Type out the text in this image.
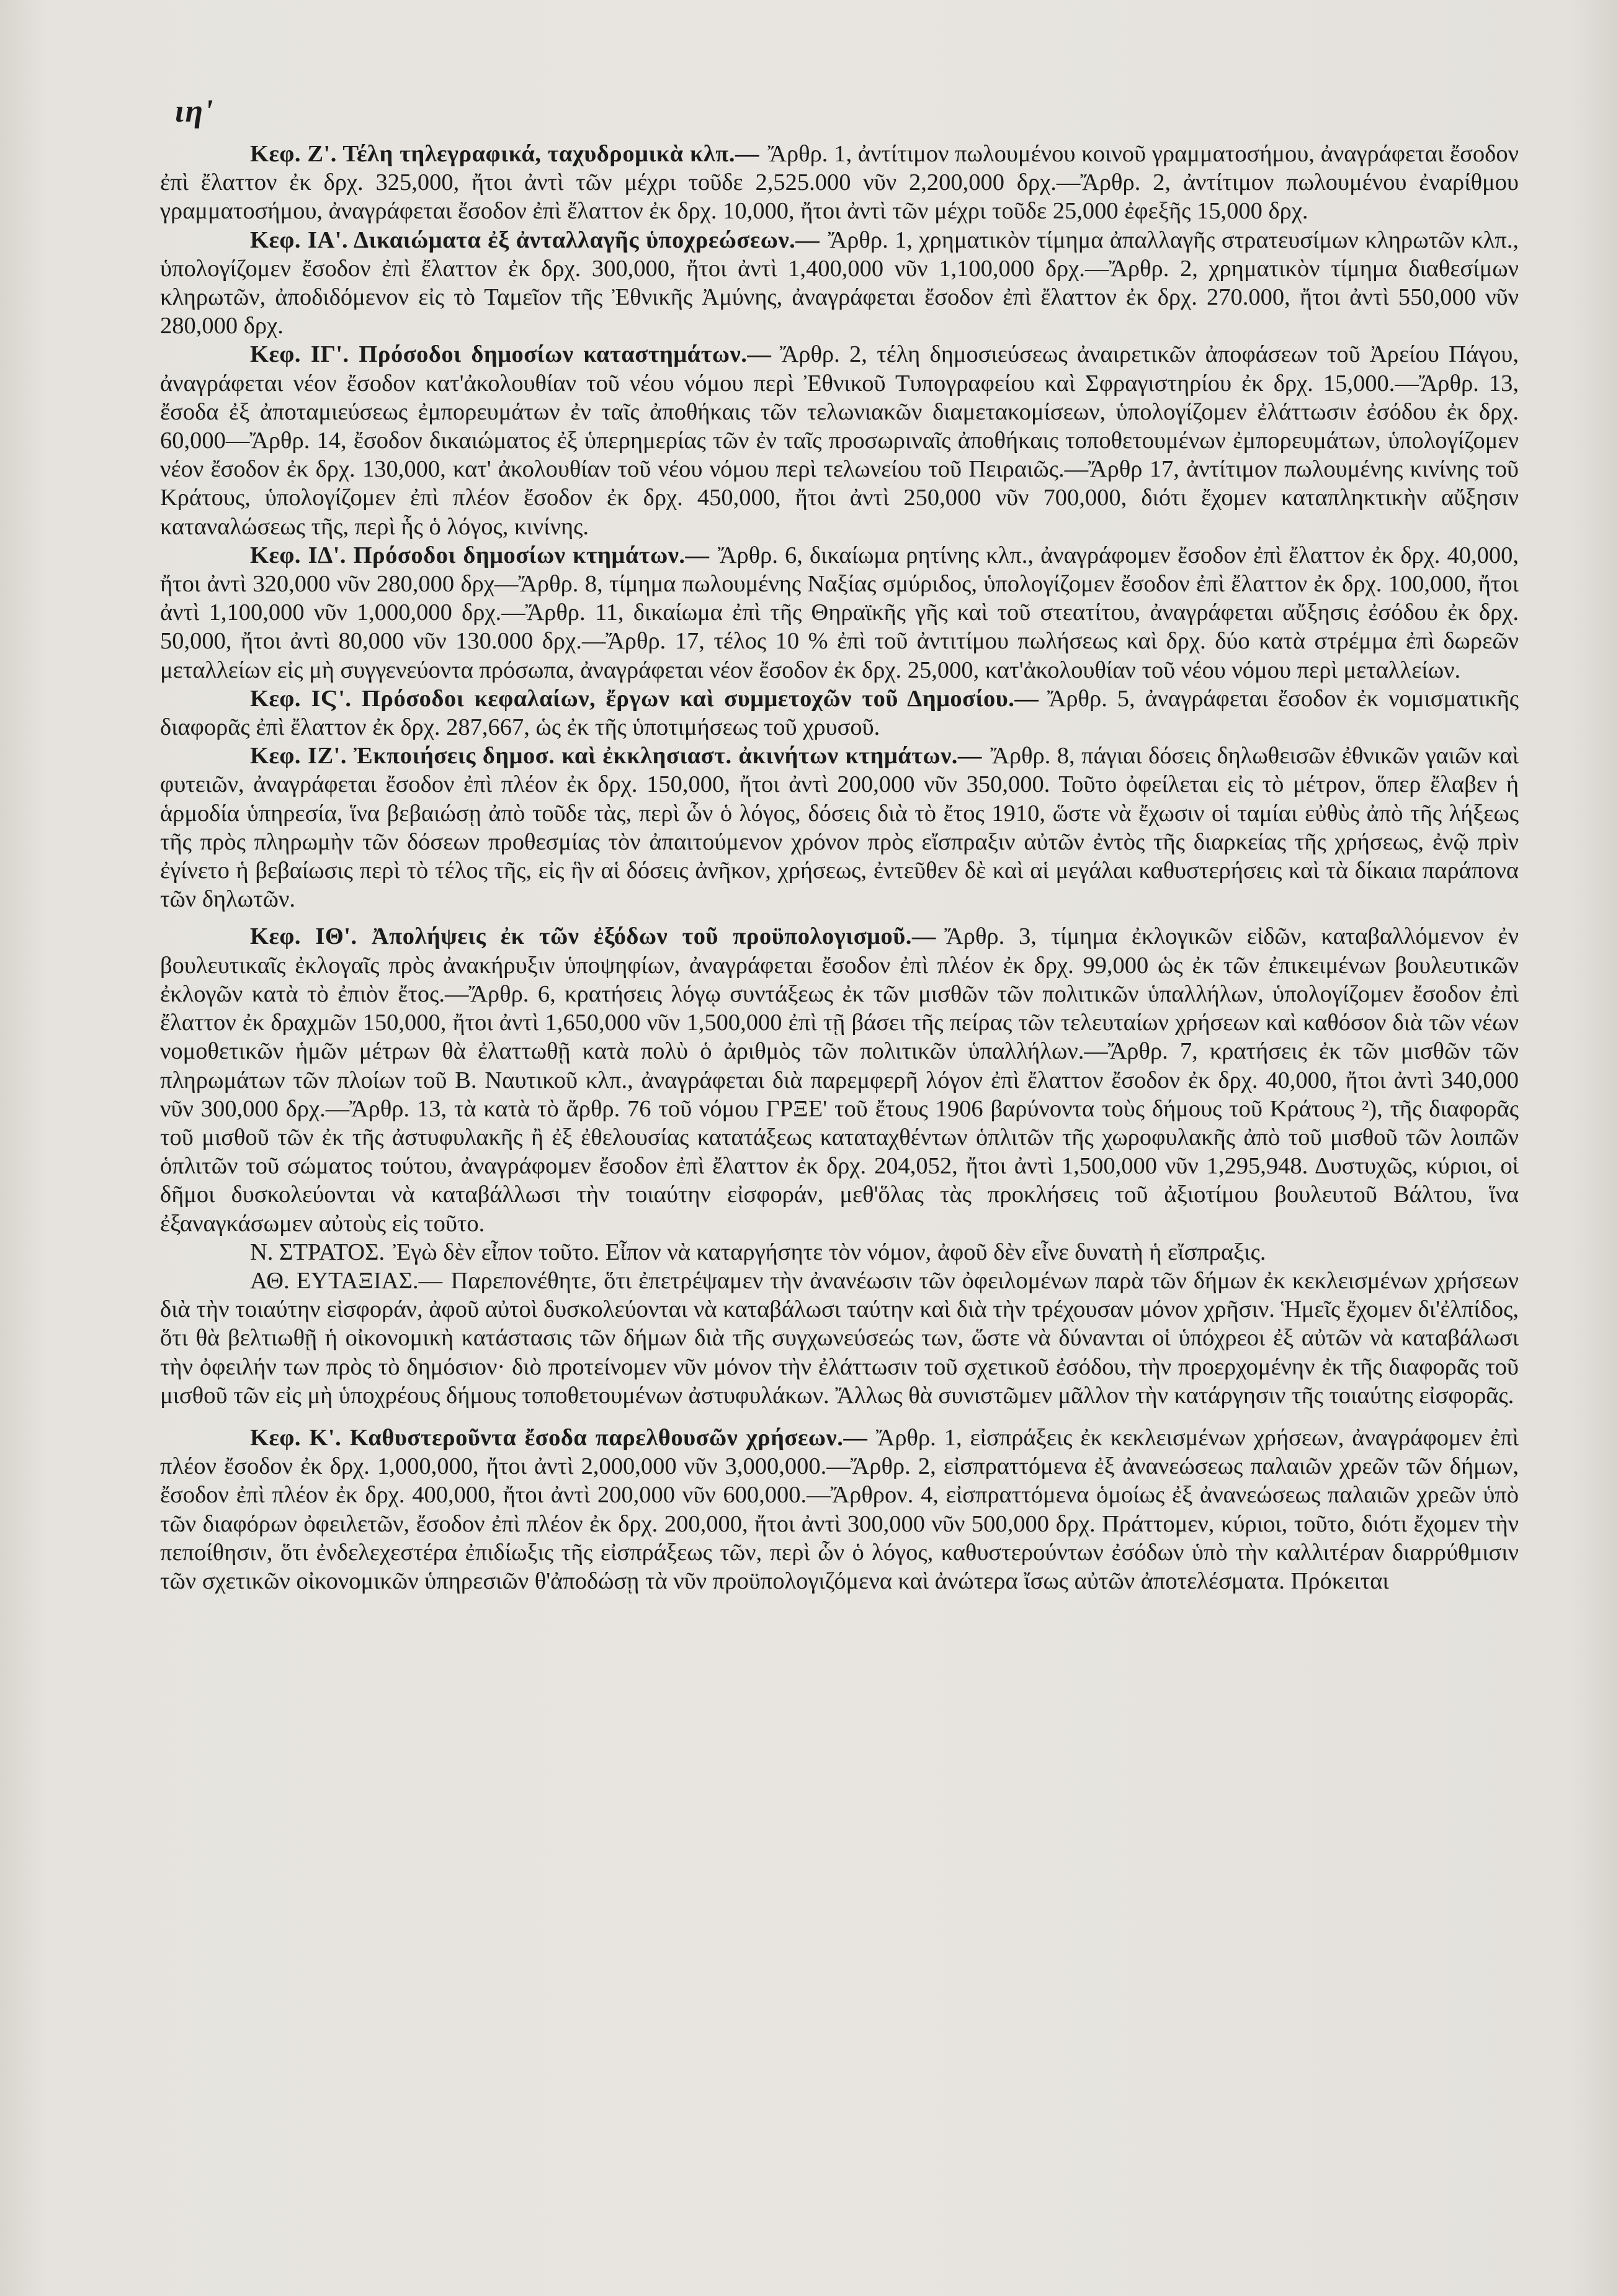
ιη'

Κεφ. Ζ'. Τέλη τηλεγραφικά, ταχυδρομικὰ κλπ.— Ἄρθρ. 1, ἀντίτιμον πωλουμένου κοινοῦ γραμματοσήμου, ἀναγράφεται ἔσοδον ἐπὶ ἔλαττον ἐκ δρχ. 325,000, ἤτοι ἀντὶ τῶν μέχρι τοῦδε 2,525.000 νῦν 2,200,000 δρχ.—Ἄρθρ. 2, ἀντίτιμον πωλουμένου ἐναρίθμου γραμματοσήμου, ἀναγράφεται ἔσοδον ἐπὶ ἔλαττον ἐκ δρχ. 10,000, ἤτοι ἀντὶ τῶν μέχρι τοῦδε 25,000 ἐφεξῆς 15,000 δρχ.

Κεφ. ΙΑ'. Δικαιώματα ἐξ ἀνταλλαγῆς ὑποχρεώσεων.— Ἄρθρ. 1, χρηματικὸν τίμημα ἀπαλλαγῆς στρατευσίμων κληρωτῶν κλπ., ὑπολογίζομεν ἔσοδον ἐπὶ ἔλαττον ἐκ δρχ. 300,000, ἤτοι ἀντὶ 1,400,000 νῦν 1,100,000 δρχ.—Ἄρθρ. 2, χρηματικὸν τίμημα διαθεσίμων κληρωτῶν, ἀποδιδόμενον εἰς τὸ Ταμεῖον τῆς Ἐθνικῆς Ἀμύνης, ἀναγράφεται ἔσοδον ἐπὶ ἔλαττον ἐκ δρχ. 270.000, ἤτοι ἀντὶ 550,000 νῦν 280,000 δρχ.

Κεφ. ΙΓ'. Πρόσοδοι δημοσίων καταστημάτων.— Ἄρθρ. 2, τέλη δημοσιεύσεως ἀναιρετικῶν ἀποφάσεων τοῦ Ἀρείου Πάγου, ἀναγράφεται νέον ἔσοδον κατ'ἀκολουθίαν τοῦ νέου νόμου περὶ Ἐθνικοῦ Τυπογραφείου καὶ Σφραγιστηρίου ἐκ δρχ. 15,000.—Ἄρθρ. 13, ἔσοδα ἐξ ἀποταμιεύσεως ἐμπορευμάτων ἐν ταῖς ἀποθήκαις τῶν τελωνιακῶν διαμετακομίσεων, ὑπολογίζομεν ἐλάττωσιν ἐσόδου ἐκ δρχ. 60,000—Ἄρθρ. 14, ἔσοδον δικαιώματος ἐξ ὑπερημερίας τῶν ἐν ταῖς προσωριναῖς ἀποθήκαις τοποθετουμένων ἐμπορευμάτων, ὑπολογίζομεν νέον ἔσοδον ἐκ δρχ. 130,000, κατ' ἀκολουθίαν τοῦ νέου νόμου περὶ τελωνείου τοῦ Πειραιῶς.—Ἄρθρ 17, ἀντίτιμον πωλουμένης κινίνης τοῦ Κράτους, ὑπολογίζομεν ἐπὶ πλέον ἔσοδον ἐκ δρχ. 450,000, ἤτοι ἀντὶ 250,000 νῦν 700,000, διότι ἔχομεν καταπληκτικὴν αὔξησιν καταναλώσεως τῆς, περὶ ἧς ὁ λόγος, κινίνης.

Κεφ. ΙΔ'. Πρόσοδοι δημοσίων κτημάτων.— Ἄρθρ. 6, δικαίωμα ρητίνης κλπ., ἀναγράφομεν ἔσοδον ἐπὶ ἔλαττον ἐκ δρχ. 40,000, ἤτοι ἀντὶ 320,000 νῦν 280,000 δρχ—Ἄρθρ. 8, τίμημα πωλουμένης Ναξίας σμύριδος, ὑπολογίζομεν ἔσοδον ἐπὶ ἔλαττον ἐκ δρχ. 100,000, ἤτοι ἀντὶ 1,100,000 νῦν 1,000,000 δρχ.—Ἄρθρ. 11, δικαίωμα ἐπὶ τῆς Θηραϊκῆς γῆς καὶ τοῦ στεατίτου, ἀναγράφεται αὔξησις ἐσόδου ἐκ δρχ. 50,000, ἤτοι ἀντὶ 80,000 νῦν 130.000 δρχ.—Ἄρθρ. 17, τέλος 10 % ἐπὶ τοῦ ἀντιτίμου πωλήσεως καὶ δρχ. δύο κατὰ στρέμμα ἐπὶ δωρεῶν μεταλλείων εἰς μὴ συγγενεύοντα πρόσωπα, ἀναγράφεται νέον ἔσοδον ἐκ δρχ. 25,000, κατ'ἀκολουθίαν τοῦ νέου νόμου περὶ μεταλλείων.

Κεφ. ΙϚ'. Πρόσοδοι κεφαλαίων, ἔργων καὶ συμμετοχῶν τοῦ Δημοσίου.— Ἄρθρ. 5, ἀναγράφεται ἔσοδον ἐκ νομισματικῆς διαφορᾶς ἐπὶ ἔλαττον ἐκ δρχ. 287,667, ὡς ἐκ τῆς ὑποτιμήσεως τοῦ χρυσοῦ.

Κεφ. ΙΖ'. Ἐκποιήσεις δημοσ. καὶ ἐκκλησιαστ. ἀκινήτων κτημάτων.— Ἄρθρ. 8, πάγιαι δόσεις δηλωθεισῶν ἐθνικῶν γαιῶν καὶ φυτειῶν, ἀναγράφεται ἔσοδον ἐπὶ πλέον ἐκ δρχ. 150,000, ἤτοι ἀντὶ 200,000 νῦν 350,000. Τοῦτο ὀφείλεται εἰς τὸ μέτρον, ὅπερ ἔλαβεν ἡ ἁρμοδία ὑπηρεσία, ἵνα βεβαιώσῃ ἀπὸ τοῦδε τὰς, περὶ ὧν ὁ λόγος, δόσεις διὰ τὸ ἔτος 1910, ὥστε νὰ ἔχωσιν οἱ ταμίαι εὐθὺς ἀπὸ τῆς λήξεως τῆς πρὸς πληρωμὴν τῶν δόσεων προθεσμίας τὸν ἀπαιτούμενον χρόνον πρὸς εἴσπραξιν αὐτῶν ἐντὸς τῆς διαρκείας τῆς χρήσεως, ἐνῷ πρὶν ἐγίνετο ἡ βεβαίωσις περὶ τὸ τέλος τῆς, εἰς ἣν αἱ δόσεις ἀνῆκον, χρήσεως, ἐντεῦθεν δὲ καὶ αἱ μεγάλαι καθυστερήσεις καὶ τὰ δίκαια παράπονα τῶν δηλωτῶν.

Κεφ. ΙΘ'. Ἀπολήψεις ἐκ τῶν ἐξόδων τοῦ προϋπολογισμοῦ.— Ἄρθρ. 3, τίμημα ἐκλογικῶν εἰδῶν, καταβαλλόμενον ἐν βουλευτικαῖς ἐκλογαῖς πρὸς ἀνακήρυξιν ὑποψηφίων, ἀναγράφεται ἔσοδον ἐπὶ πλέον ἐκ δρχ. 99,000 ὡς ἐκ τῶν ἐπικειμένων βουλευτικῶν ἐκλογῶν κατὰ τὸ ἐπιὸν ἔτος.—Ἄρθρ. 6, κρατήσεις λόγῳ συντάξεως ἐκ τῶν μισθῶν τῶν πολιτικῶν ὑπαλλήλων, ὑπολογίζομεν ἔσοδον ἐπὶ ἔλαττον ἐκ δραχμῶν 150,000, ἤτοι ἀντὶ 1,650,000 νῦν 1,500,000 ἐπὶ τῇ βάσει τῆς πείρας τῶν τελευταίων χρήσεων καὶ καθόσον διὰ τῶν νέων νομοθετικῶν ἡμῶν μέτρων θὰ ἐλαττωθῇ κατὰ πολὺ ὁ ἀριθμὸς τῶν πολιτικῶν ὑπαλλήλων.—Ἄρθρ. 7, κρατήσεις ἐκ τῶν μισθῶν τῶν πληρωμάτων τῶν πλοίων τοῦ Β. Ναυτικοῦ κλπ., ἀναγράφεται διὰ παρεμφερῆ λόγον ἐπὶ ἔλαττον ἔσοδον ἐκ δρχ. 40,000, ἤτοι ἀντὶ 340,000 νῦν 300,000 δρχ.—Ἄρθρ. 13, τὰ κατὰ τὸ ἄρθρ. 76 τοῦ νόμου ΓΡΞΕ' τοῦ ἔτους 1906 βαρύνοντα τοὺς δήμους τοῦ Κράτους ²), τῆς διαφορᾶς τοῦ μισθοῦ τῶν ἐκ τῆς ἀστυφυλακῆς ἢ ἐξ ἐθελουσίας κατατάξεως καταταχθέντων ὁπλιτῶν τῆς χωροφυλακῆς ἀπὸ τοῦ μισθοῦ τῶν λοιπῶν ὁπλιτῶν τοῦ σώματος τούτου, ἀναγράφομεν ἔσοδον ἐπὶ ἔλαττον ἐκ δρχ. 204,052, ἤτοι ἀντὶ 1,500,000 νῦν 1,295,948. Δυστυχῶς, κύριοι, οἱ δῆμοι δυσκολεύονται νὰ καταβάλλωσι τὴν τοιαύτην εἰσφοράν, μεθ'ὅλας τὰς προκλήσεις τοῦ ἀξιοτίμου βουλευτοῦ Βάλτου, ἵνα ἐξαναγκάσωμεν αὐτοὺς εἰς τοῦτο.

Ν. ΣΤΡΑΤΟΣ. Ἐγὼ δὲν εἶπον τοῦτο. Εἶπον νὰ καταργήσητε τὸν νόμον, ἀφοῦ δὲν εἶνε δυνατὴ ἡ εἴσπραξις.

ΑΘ. ΕΥΤΑΞΙΑΣ.— Παρεπονέθητε, ὅτι ἐπετρέψαμεν τὴν ἀνανέωσιν τῶν ὀφειλομένων παρὰ τῶν δήμων ἐκ κεκλεισμένων χρήσεων διὰ τὴν τοιαύτην εἰσφοράν, ἀφοῦ αὐτοὶ δυσκολεύονται νὰ καταβάλωσι ταύτην καὶ διὰ τὴν τρέχουσαν μόνον χρῆσιν. Ἡμεῖς ἔχομεν δι'ἐλπίδος, ὅτι θὰ βελτιωθῇ ἡ οἰκονομικὴ κατάστασις τῶν δήμων διὰ τῆς συγχωνεύσεώς των, ὥστε νὰ δύνανται οἱ ὑπόχρεοι ἐξ αὐτῶν νὰ καταβάλωσι τὴν ὀφειλήν των πρὸς τὸ δημόσιον· διὸ προτείνομεν νῦν μόνον τὴν ἐλάττωσιν τοῦ σχετικοῦ ἐσόδου, τὴν προερχομένην ἐκ τῆς διαφορᾶς τοῦ μισθοῦ τῶν εἰς μὴ ὑποχρέους δήμους τοποθετουμένων ἀστυφυλάκων. Ἄλλως θὰ συνιστῶμεν μᾶλλον τὴν κατάργησιν τῆς τοιαύτης εἰσφορᾶς.

Κεφ. Κ'. Καθυστεροῦντα ἔσοδα παρελθουσῶν χρήσεων.— Ἄρθρ. 1, εἰσπράξεις ἐκ κεκλεισμένων χρήσεων, ἀναγράφομεν ἐπὶ πλέον ἔσοδον ἐκ δρχ. 1,000,000, ἤτοι ἀντὶ 2,000,000 νῦν 3,000,000.—Ἄρθρ. 2, εἰσπραττόμενα ἐξ ἀνανεώσεως παλαιῶν χρεῶν τῶν δήμων, ἔσοδον ἐπὶ πλέον ἐκ δρχ. 400,000, ἤτοι ἀντὶ 200,000 νῦν 600,000.—Ἄρθρον. 4, εἰσπραττόμενα ὁμοίως ἐξ ἀνανεώσεως παλαιῶν χρεῶν ὑπὸ τῶν διαφόρων ὀφειλετῶν, ἔσοδον ἐπὶ πλέον ἐκ δρχ. 200,000, ἤτοι ἀντὶ 300,000 νῦν 500,000 δρχ. Πράττομεν, κύριοι, τοῦτο, διότι ἔχομεν τὴν πεποίθησιν, ὅτι ἐνδελεχεστέρα ἐπιδίωξις τῆς εἰσπράξεως τῶν, περὶ ὧν ὁ λόγος, καθυστερούντων ἐσόδων ὑπὸ τὴν καλλιτέραν διαρρύθμισιν τῶν σχετικῶν οἰκονομικῶν ὑπηρεσιῶν θ'ἀποδώσῃ τὰ νῦν προϋπολογιζόμενα καὶ ἀνώτερα ἴσως αὐτῶν ἀποτελέσματα. Πρόκειται
